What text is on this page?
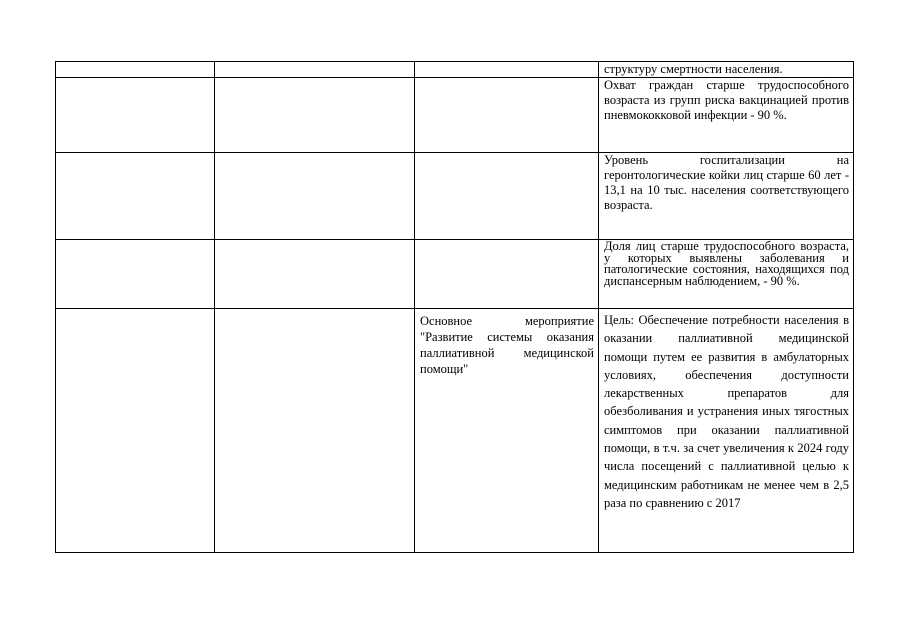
			структуру смертности населения.

			Охват граждан старше трудоспособного возраста из групп риска вакцинацией против пневмококковой инфекции - 90 %.

			Уровень госпитализации на геронтологические койки лиц старше 60 лет - 13,1 на 10 тыс. населения соответствующего возраста.

			Доля лиц старше трудоспособного возраста, у которых выявлены заболевания и патологические состояния, находящихся под диспансерным наблюдением, - 90 %.

		Основное мероприятие "Развитие системы оказания паллиативной медицинской помощи"	Цель: Обеспечение потребности населения в оказании паллиативной медицинской помощи путем ее развития в амбулаторных условиях, обеспечения доступности лекарственных препаратов для обезболивания и устранения иных тягостных симптомов при оказании паллиативной помощи, в т.ч. за счет увеличения к 2024 году числа посещений с паллиативной целью к медицинским работникам не менее чем в 2,5 раза по сравнению с 2017
